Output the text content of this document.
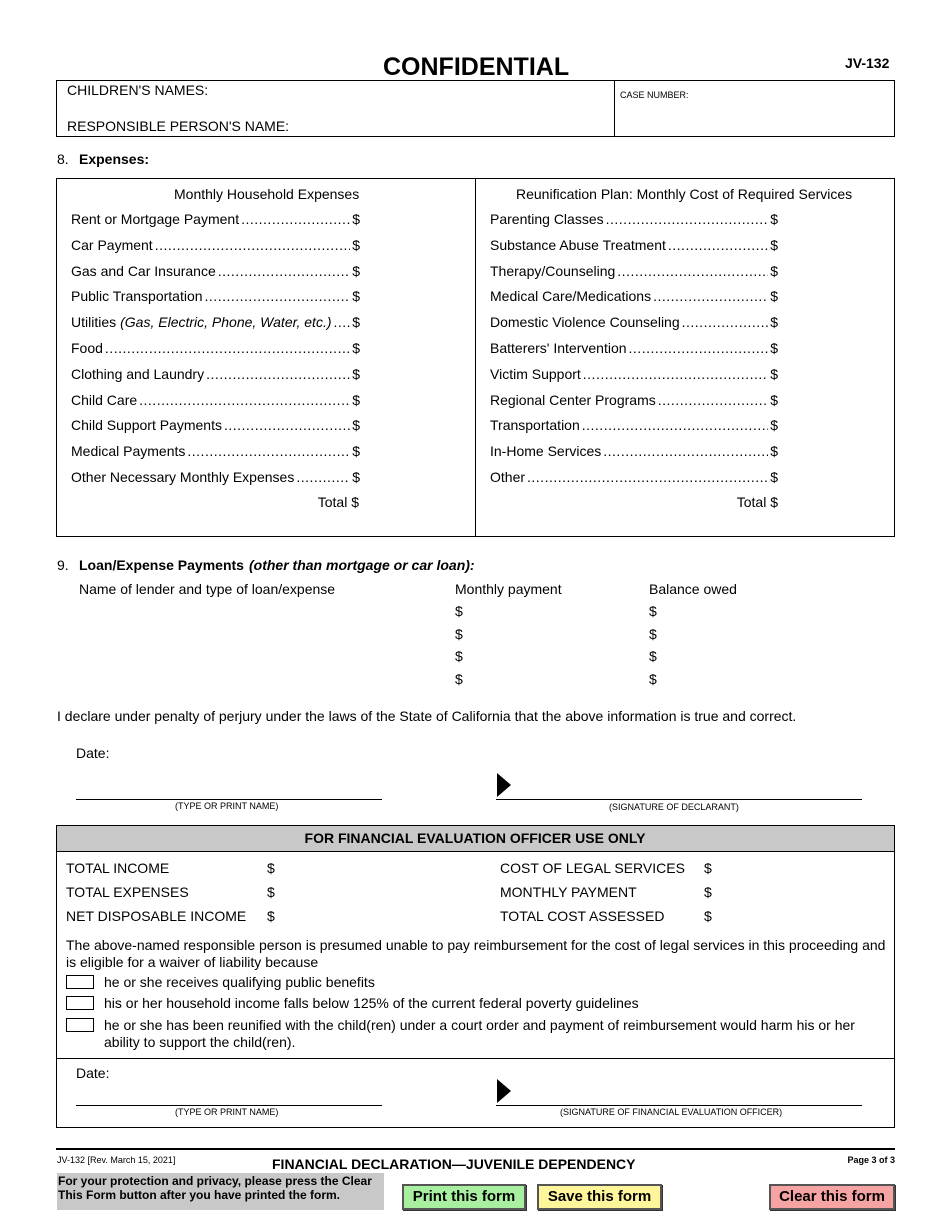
CONFIDENTIAL	JV-132
CHILDREN'S NAMES:
RESPONSIBLE PERSON'S NAME:
CASE NUMBER:
8. Expenses:
Monthly Household Expenses	Reunification Plan: Monthly Cost of Required Services
Rent or Mortgage Payment .....	$
Car Payment .....	$
Gas and Car Insurance .....	$
Public Transportation .....	$
Utilities (Gas, Electric, Phone, Water, etc.) ..... $
Food .....	$
Clothing and Laundry .....	$
Child Care .....	$
Child Support Payments .....	$
Medical Payments .....	$
Other Necessary Monthly Expenses .....	$
Parenting Classes .....	$
Substance Abuse Treatment .....	$
Therapy/Counseling .....	$
Medical Care/Medications .....	$
Domestic Violence Counseling .....	$
Batterers' Intervention .....	$
Victim Support .....	$
Regional Center Programs .....	$
Transportation .....	$
In-Home Services .....	$
Other .....	$
Total $	Total $
9. Loan/Expense Payments (other than mortgage or car loan):
Name of lender and type of loan/expense	Monthly payment	Balance owed
$	$
$	$
$	$
$	$
I declare under penalty of perjury under the laws of the State of California that the above information is true and correct.
Date:
(TYPE OR PRINT NAME)	(SIGNATURE OF DECLARANT)
FOR FINANCIAL EVALUATION OFFICER USE ONLY
TOTAL INCOME	$
TOTAL EXPENSES	$
NET DISPOSABLE INCOME $
COST OF LEGAL SERVICES $
MONTHLY PAYMENT	$
TOTAL COST ASSESSED	$
The above-named responsible person is presumed unable to pay reimbursement for the cost of legal services in this proceeding and
is eligible for a waiver of liability because
he or she receives qualifying public benefits
his or her household income falls below 125% of the current federal poverty guidelines
he or she has been reunified with the child(ren) under a court order and payment of reimbursement would harm his or her
ability to support the child(ren).
Date:
(TYPE OR PRINT NAME)	(SIGNATURE OF FINANCIAL EVALUATION OFFICER)
JV-132 [Rev. March 15, 2021]	FINANCIAL DECLARATION—JUVENILE DEPENDENCY	Page 3 of 3
For your protection and privacy, please press the Clear
This Form button after you have printed the form.	Print this form	Save this form	Clear this form
